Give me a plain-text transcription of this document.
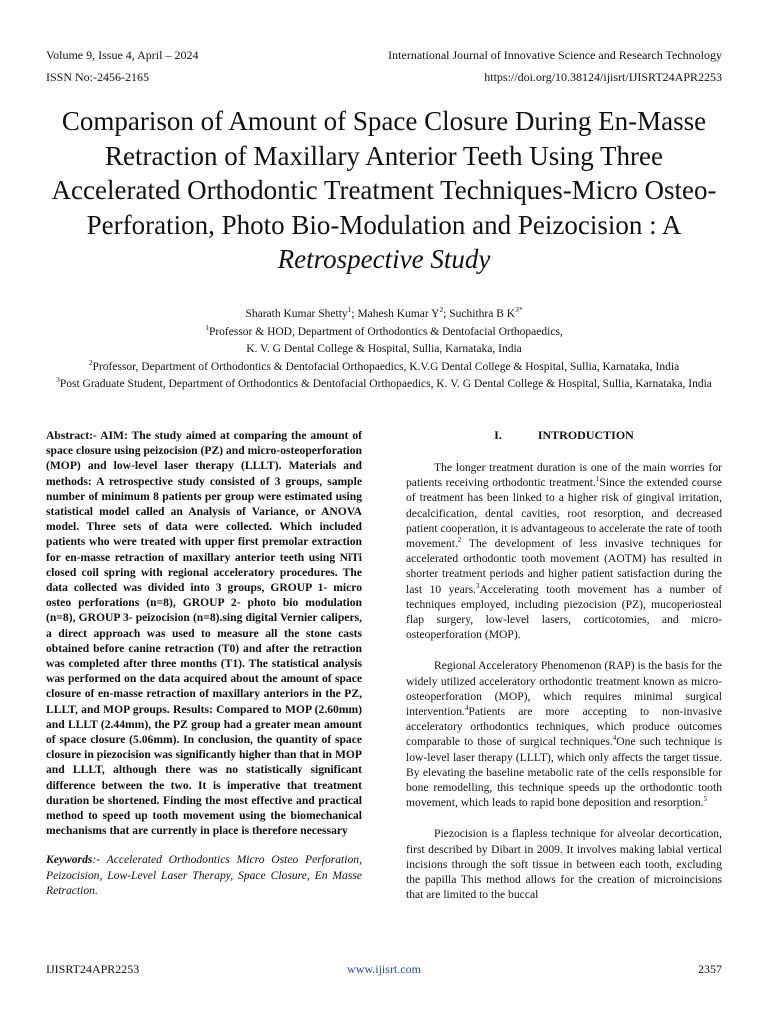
Volume 9, Issue 4, April – 2024
ISSN No:-2456-2165
International Journal of Innovative Science and Research Technology
https://doi.org/10.38124/ijisrt/IJISRT24APR2253
Comparison of Amount of Space Closure During En-Masse Retraction of Maxillary Anterior Teeth Using Three Accelerated Orthodontic Treatment Techniques-Micro Osteo-Perforation, Photo Bio-Modulation and Peizocision : A Retrospective Study
Sharath Kumar Shetty$^1$; Mahesh Kumar $Y^2$; Suchithra B $K^{3*}$
$^1$Professor & HOD, Department of Orthodontics & Dentofacial Orthopaedics,
K. V. G Dental College & Hospital, Sullia, Karnataka, India
$^2$Professor, Department of Orthodontics & Dentofacial Orthopaedics, K.V.G Dental College & Hospital, Sullia, Karnataka, India
$^3$Post Graduate Student, Department of Orthodontics & Dentofacial Orthopaedics, K. V. G Dental College & Hospital, Sullia, Karnataka, India

Abstract:- AIM: The study aimed at comparing the amount of space closure using peizocision (PZ) and micro-osteoperforation (MOP) and low-level laser therapy (LLLT). Materials and methods: A retrospective study consisted of 3 groups, sample number of minimum 8 patients per group were estimated using statistical model called an Analysis of Variance, or ANOVA model. Three sets of data were collected. Which included patients who were treated with upper first premolar extraction for en-masse retraction of maxillary anterior teeth using NiTi closed coil spring with regional acceleratory procedures. The data collected was divided into 3 groups, GROUP 1- micro osteo perforations (n=8), GROUP 2- photo bio modulation (n=8), GROUP 3- peizocision (n=8).sing digital Vernier calipers, a direct approach was used to measure all the stone casts obtained before canine retraction (T0) and after the retraction was completed after three months (T1). The statistical analysis was performed on the data acquired about the amount of space closure of en-masse retraction of maxillary anteriors in the PZ, LLLT, and MOP groups. Results: Compared to MOP (2.60mm) and LLLT (2.44mm), the PZ group had a greater mean amount of space closure (5.06mm). In conclusion, the quantity of space closure in piezocision was significantly higher than that in MOP and LLLT, although there was no statistically significant difference between the two. It is imperative that treatment duration be shortened. Finding the most effective and practical method to speed up tooth movement using the biomechanical mechanisms that are currently in place is therefore necessary

Keywords:- Accelerated Orthodontics Micro Osteo Perforation, Peizocision, Low-Level Laser Therapy, Space Closure, En Masse Retraction.

I.	INTRODUCTION

The longer treatment duration is one of the main worries for patients receiving orthodontic treatment.$^1$Since the extended course of treatment has been linked to a higher risk of gingival irritation, decalcification, dental cavities, root resorption, and decreased patient cooperation, it is advantageous to accelerate the rate of tooth movement.$^2$ The development of less invasive techniques for accelerated orthodontic tooth movement (AOTM) has resulted in shorter treatment periods and higher patient satisfaction during the last 10 years.$^3$Accelerating tooth movement has a number of techniques employed, including piezocision (PZ), mucoperiosteal flap surgery, low-level lasers, corticotomies, and micro-osteoperforation (MOP).

Regional Acceleratory Phenomenon (RAP) is the basis for the widely utilized acceleratory orthodontic treatment known as micro-osteoperforation (MOP), which requires minimal surgical intervention.$^4$Patients are more accepting to non-invasive acceleratory orthodontics techniques, which produce outcomes comparable to those of surgical techniques.$^4$One such technique is low-level laser therapy (LLLT), which only affects the target tissue. By elevating the baseline metabolic rate of the cells responsible for bone remodelling, this technique speeds up the orthodontic tooth movement, which leads to rapid bone deposition and resorption.$^5$

Piezocision is a flapless technique for alveolar decortication, first described by Dibart in 2009. It involves making labial vertical incisions through the soft tissue in between each tooth, excluding the papilla This method allows for the creation of microincisions that are limited to the buccal

IJISRT24APR2253	www.ijisrt.com	2357
